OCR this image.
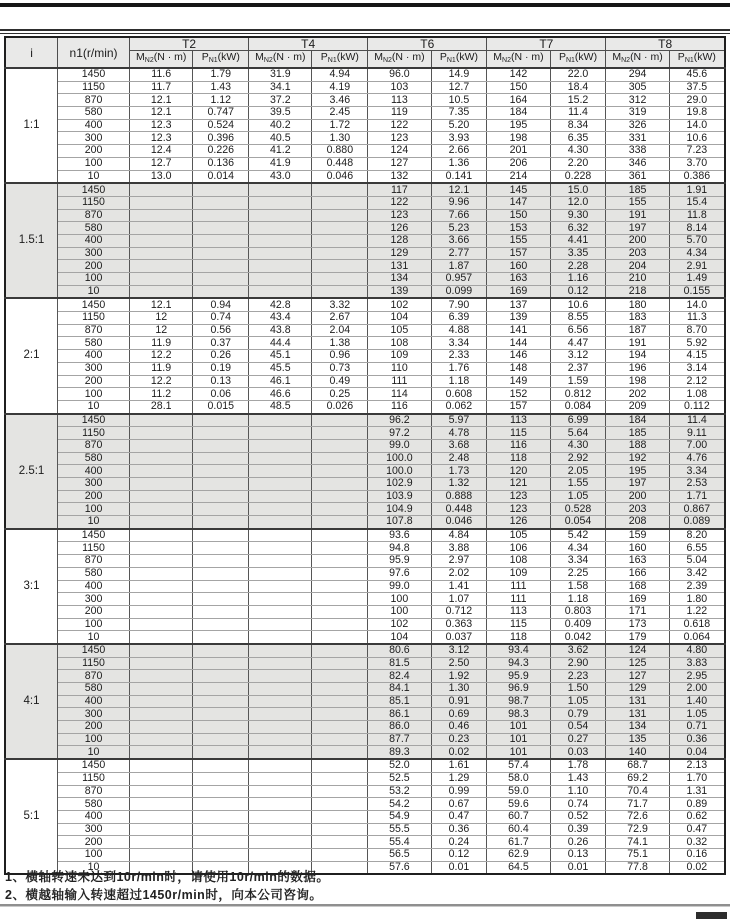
i	n1(r/min)	T2		T4		T6		T7		T8	
		$M_{N2}(N \cdot m)$	$P_{N1}(kW)$	$M_{N2}(N \cdot m)$	$P_{N1}(kW)$	$M_{N2}(N \cdot m)$	$P_{N1}(kW)$	$M_{N2}(N \cdot m)$	$P_{N1}(kW)$	$M_{N2}(N \cdot m)$	$P_{N1}(kW)$
1:1	1450	11.6	1.79	31.9	4.94	96.0	14.9	142	22.0	294	45.6
	1150	11.7	1.43	34.1	4.19	103	12.7	150	18.4	305	37.5
	870	12.1	1.12	37.2	3.46	113	10.5	164	15.2	312	29.0
	580	12.1	0.747	39.5	2.45	119	7.35	184	11.4	319	19.8
	400	12.3	0.524	40.2	1.72	122	5.20	195	8.34	326	14.0
	300	12.3	0.396	40.5	1.30	123	3.93	198	6.35	331	10.6
	200	12.4	0.226	41.2	0.880	124	2.66	201	4.30	338	7.23
	100	12.7	0.136	41.9	0.448	127	1.36	206	2.20	346	3.70
	10	13.0	0.014	43.0	0.046	132	0.141	214	0.228	361	0.386
1.5:1	1450					117	12.1	145	15.0	185	1.91
	1150					122	9.96	147	12.0	155	15.4
	870					123	7.66	150	9.30	191	11.8
	580					126	5.23	153	6.32	197	8.14
	400					128	3.66	155	4.41	200	5.70
	300					129	2.77	157	3.35	203	4.34
	200					131	1.87	160	2.28	204	2.91
	100					134	0.957	163	1.16	210	1.49
	10					139	0.099	169	0.12	218	0.155
2:1	1450	12.1	0.94	42.8	3.32	102	7.90	137	10.6	180	14.0
	1150	12	0.74	43.4	2.67	104	6.39	139	8.55	183	11.3
	870	12	0.56	43.8	2.04	105	4.88	141	6.56	187	8.70
	580	11.9	0.37	44.4	1.38	108	3.34	144	4.47	191	5.92
	400	12.2	0.26	45.1	0.96	109	2.33	146	3.12	194	4.15
	300	11.9	0.19	45.5	0.73	110	1.76	148	2.37	196	3.14
	200	12.2	0.13	46.1	0.49	111	1.18	149	1.59	198	2.12
	100	11.2	0.06	46.6	0.25	114	0.608	152	0.812	202	1.08
	10	28.1	0.015	48.5	0.026	116	0.062	157	0.084	209	0.112
2.5:1	1450					96.2	5.97	113	6.99	184	11.4
	1150					97.2	4.78	115	5.64	185	9.11
	870					99.0	3.68	116	4.30	188	7.00
	580					100.0	2.48	118	2.92	192	4.76
	400					100.0	1.73	120	2.05	195	3.34
	300					102.9	1.32	121	1.55	197	2.53
	200					103.9	0.888	123	1.05	200	1.71
	100					104.9	0.448	123	0.528	203	0.867
	10					107.8	0.046	126	0.054	208	0.089
3:1	1450					93.6	4.84	105	5.42	159	8.20
	1150					94.8	3.88	106	4.34	160	6.55
	870					95.9	2.97	108	3.34	163	5.04
	580					97.6	2.02	109	2.25	166	3.42
	400					99.0	1.41	111	1.58	168	2.39
	300					100	1.07	111	1.18	169	1.80
	200					100	0.712	113	0.803	171	1.22
	100					102	0.363	115	0.409	173	0.618
	10					104	0.037	118	0.042	179	0.064
4:1	1450					80.6	3.12	93.4	3.62	124	4.80
	1150					81.5	2.50	94.3	2.90	125	3.83
	870					82.4	1.92	95.9	2.23	127	2.95
	580					84.1	1.30	96.9	1.50	129	2.00
	400					85.1	0.91	98.7	1.05	131	1.40
	300					86.1	0.69	98.3	0.79	131	1.05
	200					86.0	0.46	101	0.54	134	0.71
	100					87.7	0.23	101	0.27	135	0.36
	10					89.3	0.02	101	0.03	140	0.04
5:1	1450					52.0	1.61	57.4	1.78	68.7	2.13
	1150					52.5	1.29	58.0	1.43	69.2	1.70
	870					53.2	0.99	59.0	1.10	70.4	1.31
	580					54.2	0.67	59.6	0.74	71.7	0.89
	400					54.9	0.47	60.7	0.52	72.6	0.62
	300					55.5	0.36	60.4	0.39	72.9	0.47
	200					55.4	0.24	61.7	0.26	74.1	0.32
	100					56.5	0.12	62.9	0.13	75.1	0.16
	10					57.6	0.01	64.5	0.01	77.8	0.02
1、横轴转速未达到10r/min时，请使用10r/min的数据。
2、横越轴输入转速超过1450r/min时，向本公司咨询。
